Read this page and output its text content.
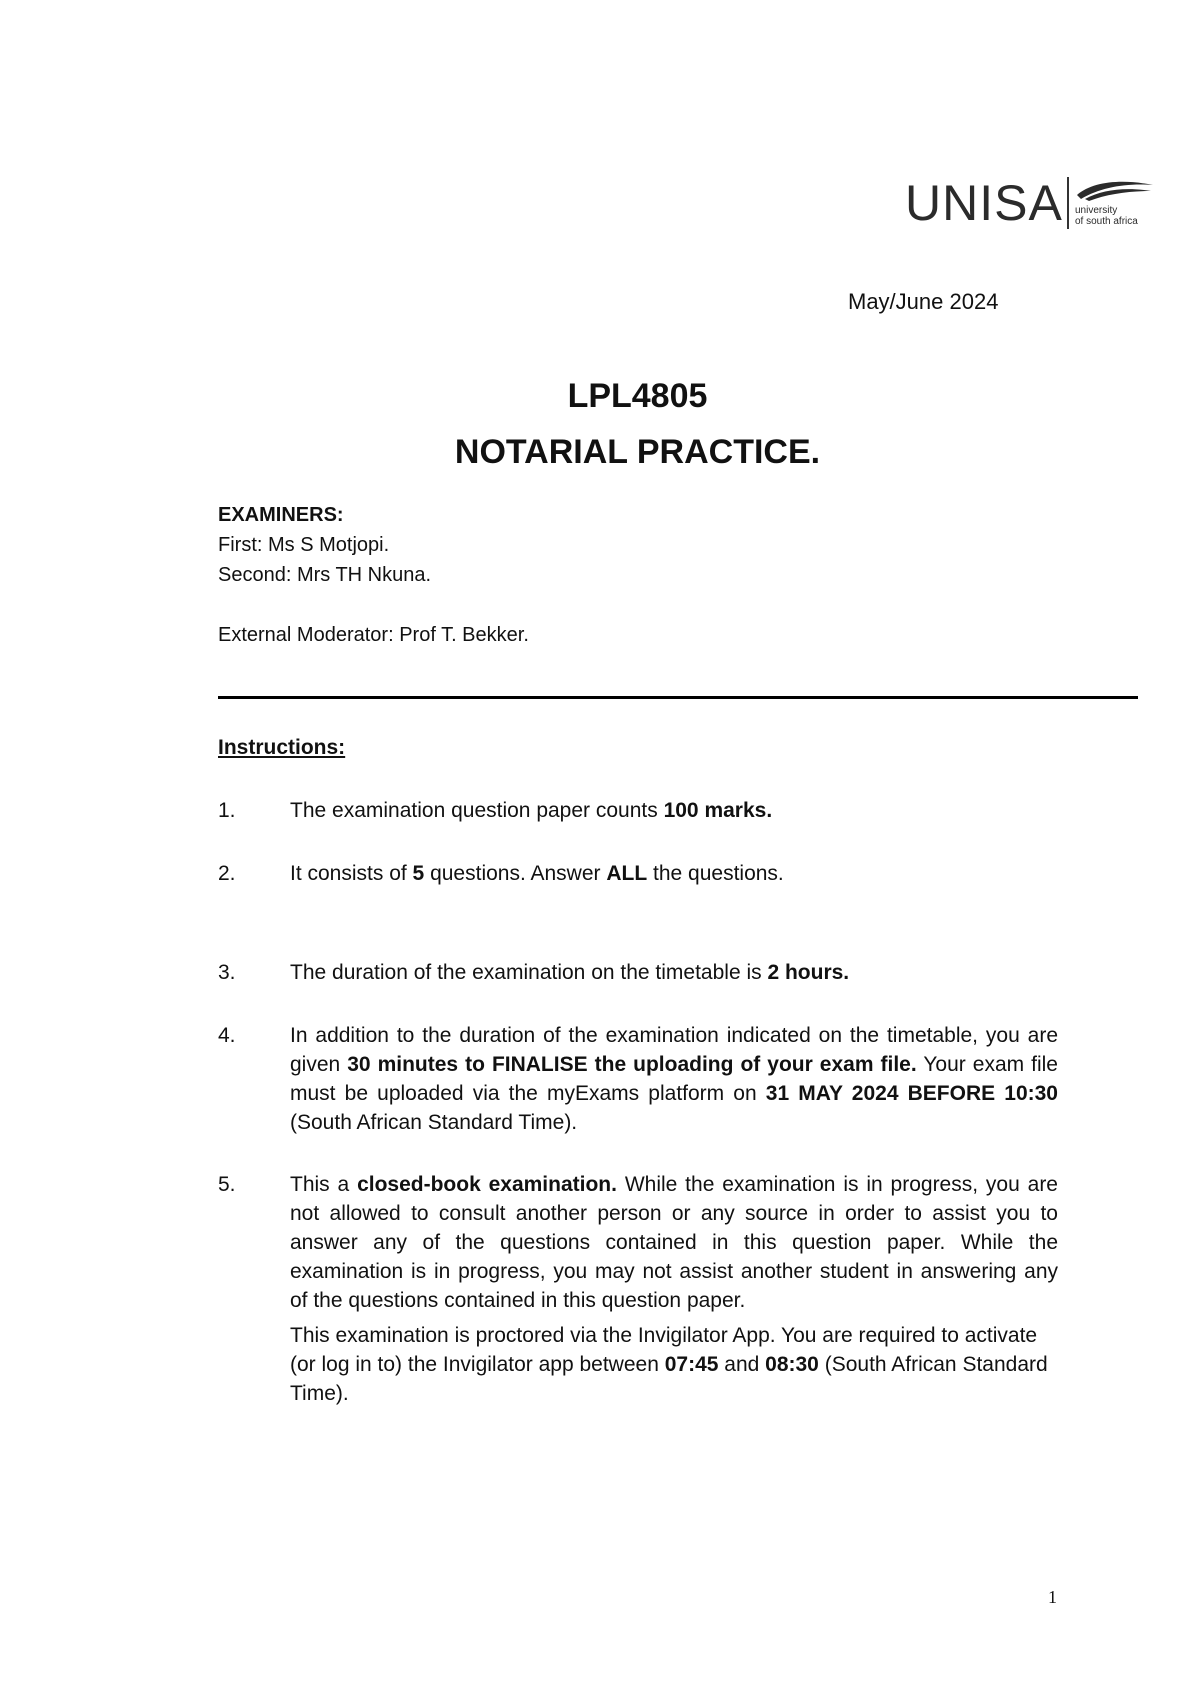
UNISA university
of south africa
May/June 2024
LPL4805
NOTARIAL PRACTICE.
EXAMINERS:
First: Ms S Motjopi.
Second: Mrs TH Nkuna.
External Moderator: Prof T. Bekker.
Instructions:
1.	The examination question paper counts 100 marks.
2.	It consists of 5 questions. Answer ALL the questions.
3.	The duration of the examination on the timetable is 2 hours.
4.	In addition to the duration of the examination indicated on the timetable, you are given 30 minutes to FINALISE the uploading of your exam file. Your exam file must be uploaded via the myExams platform on 31 MAY 2024 BEFORE 10:30 (South African Standard Time).
5.	This a closed-book examination. While the examination is in progress, you are not allowed to consult another person or any source in order to assist you to answer any of the questions contained in this question paper. While the examination is in progress, you may not assist another student in answering any of the questions contained in this question paper.
This examination is proctored via the Invigilator App. You are required to activate (or log in to) the Invigilator app between 07:45 and 08:30 (South African Standard Time).
1
